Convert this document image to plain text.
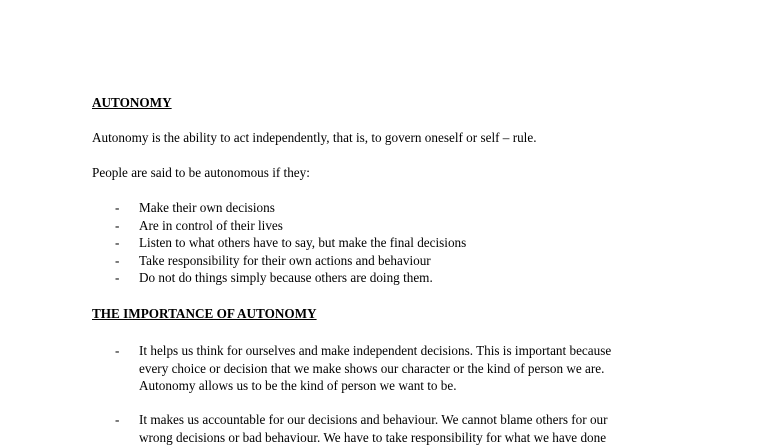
AUTONOMY
Autonomy is the ability to act independently, that is, to govern oneself or self – rule.
People are said to be autonomous if they:
- Make their own decisions
- Are in control of their lives
- Listen to what others have to say, but make the final decisions
- Take responsibility for their own actions and behaviour
- Do not do things simply because others are doing them.
THE IMPORTANCE OF AUTONOMY
- It helps us think for ourselves and make independent decisions. This is important because
every choice or decision that we make shows our character or the kind of person we are.
Autonomy allows us to be the kind of person we want to be.
- It makes us accountable for our decisions and behaviour. We cannot blame others for our
wrong decisions or bad behaviour. We have to take responsibility for what we have done
